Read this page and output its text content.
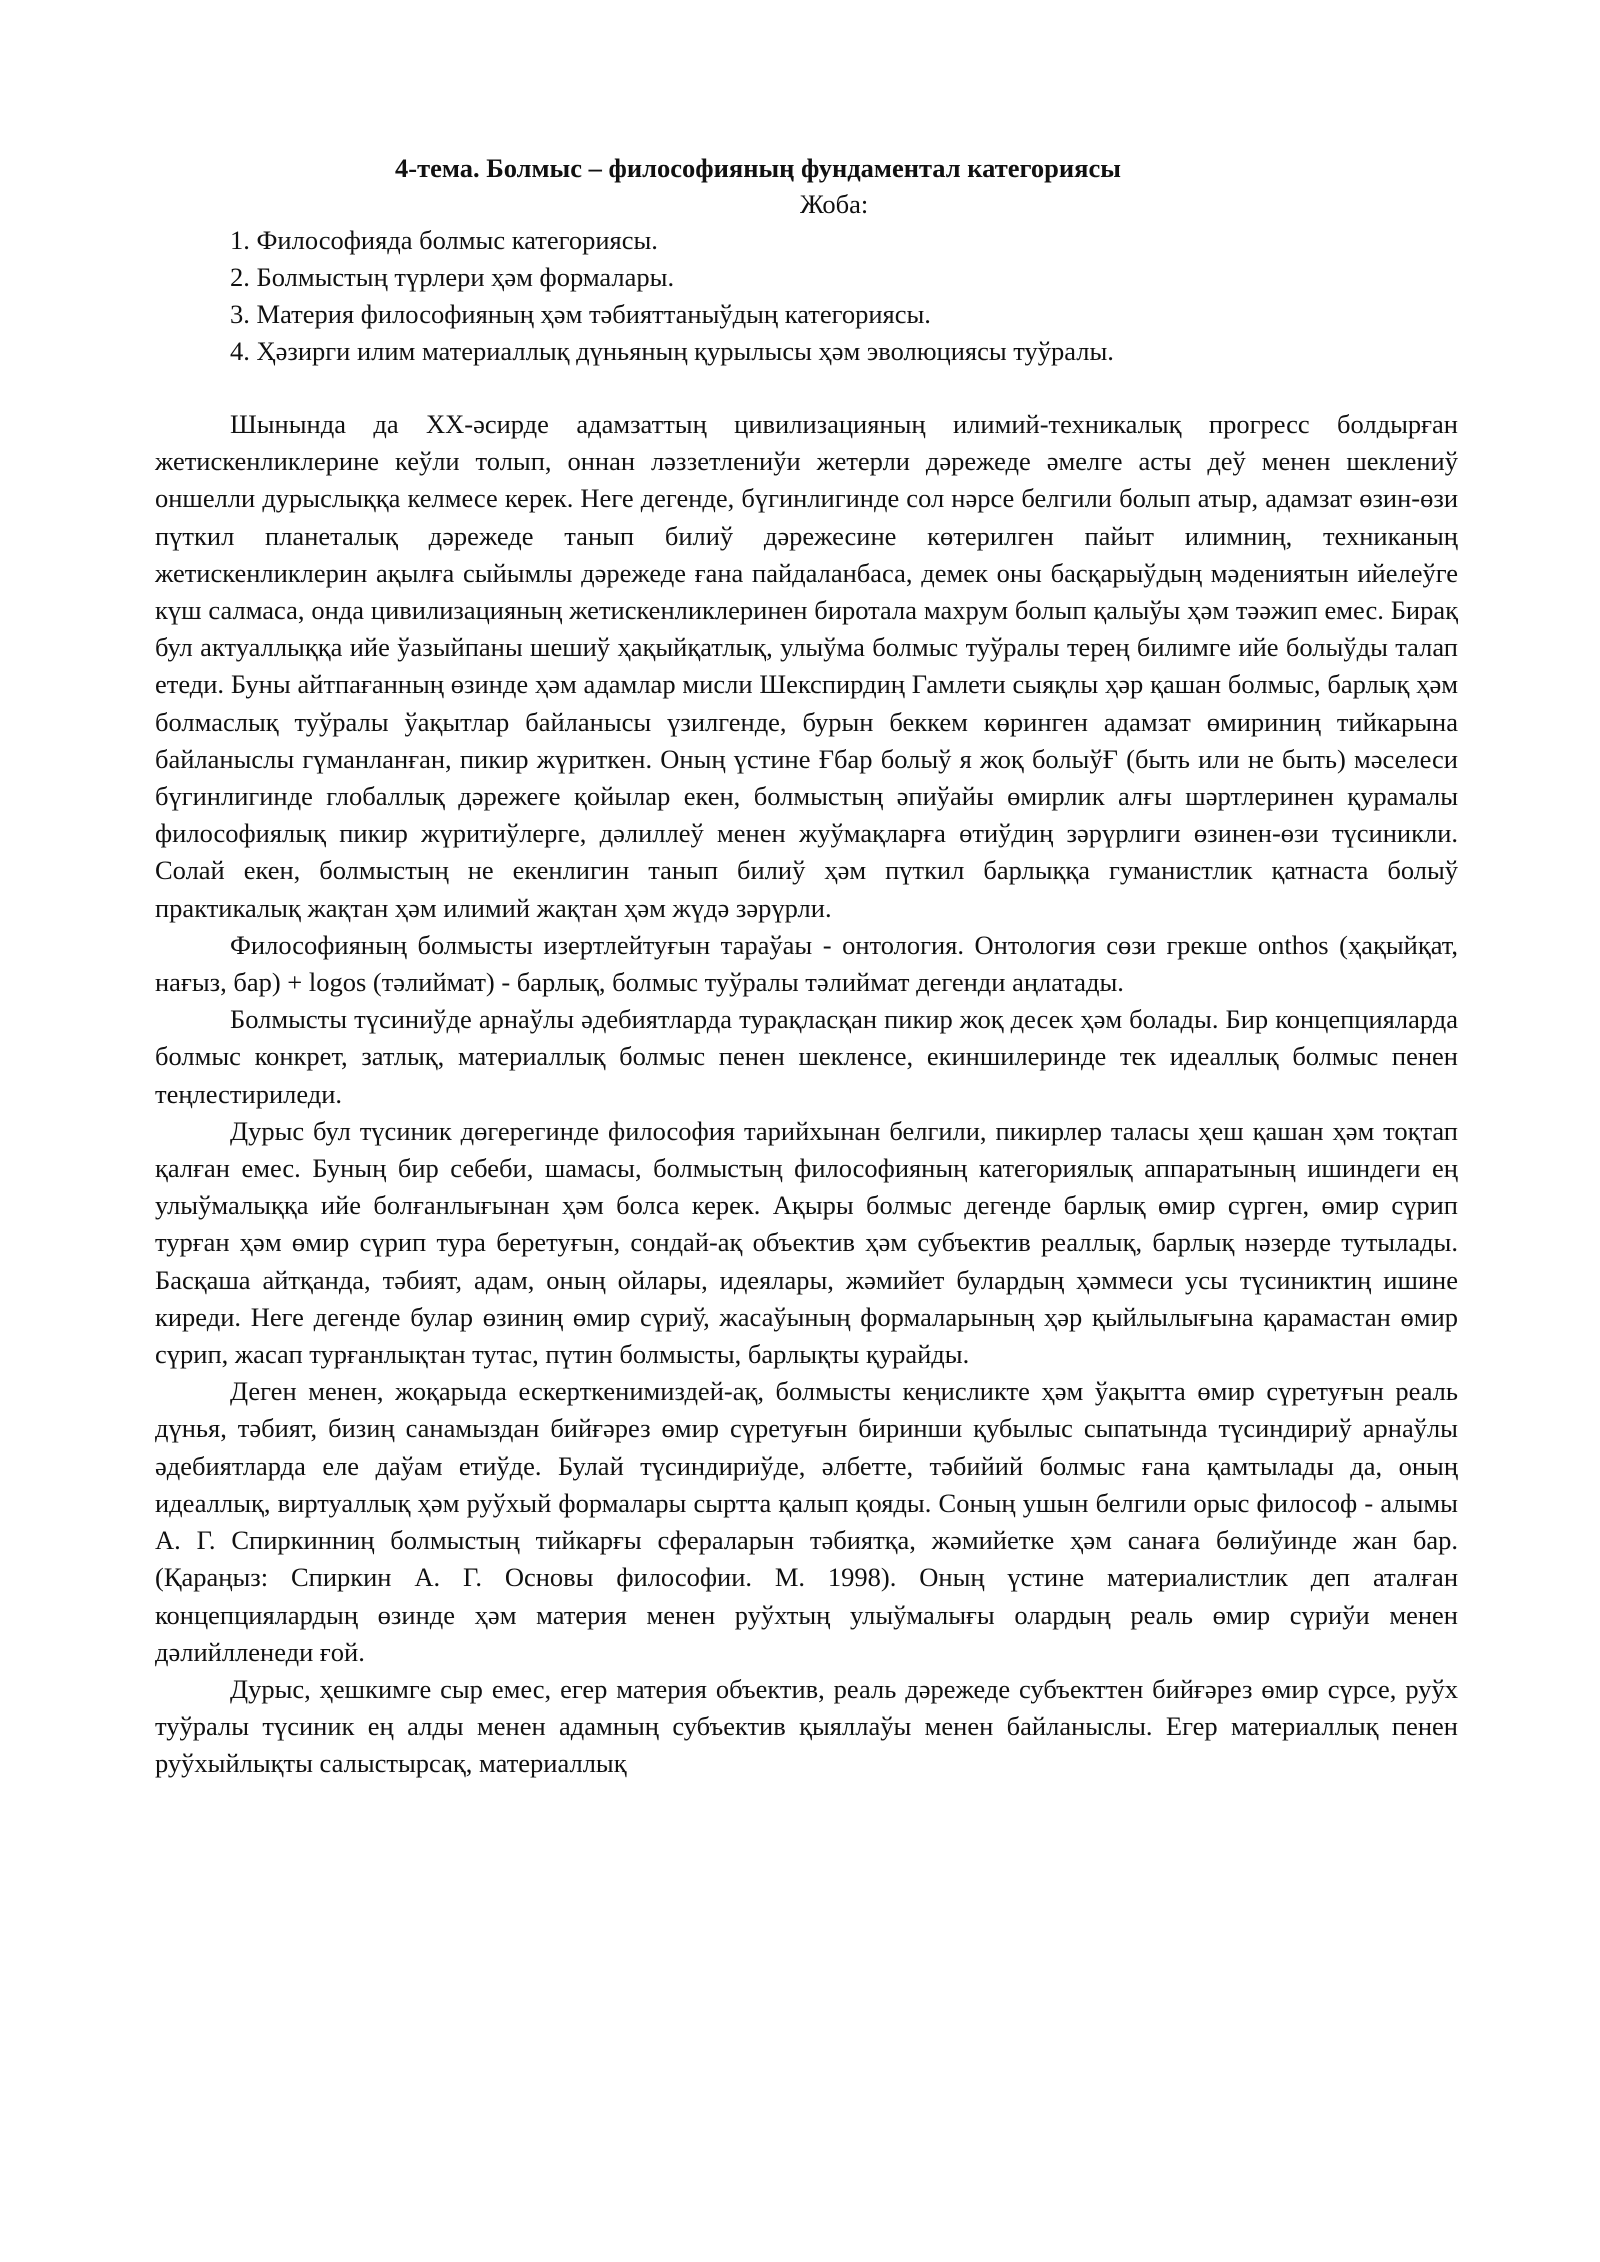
4-тема. Болмыс – философияның фундаментал категориясы

Жоба:

1. Философияда болмыс категориясы.
2. Болмыстың түрлери ҳәм формалары.
3. Материя философияның ҳәм тәбияттаныўдың категориясы.
4. Ҳәзирги илим материаллық дүньяның қурылысы ҳәм эволюциясы туўралы.

Шынында да ХХ-әсирде адамзаттың цивилизацияның илимий-техникалық прогресс болдырған жетискенликлерине кеўли толып, оннан ләззетлениўи жетерли дәрежеде әмелге асты деў менен шеклениў оншелли дурыслыққа келмесе керек. Неге дегенде, бүгинлигинде сол нәрсе белгили болып атыр, адамзат өзин-өзи пүткил планеталық дәрежеде танып билиў дәрежесине көтерилген пайыт илимниң, техниканың жетискенликлерин ақылға сыйымлы дәрежеде ғана пайдаланбаса, демек оны басқарыўдың мәдениятын ийелеўге күш салмаса, онда цивилизацияның жетискенликлеринен биротала махрум болып қалыўы ҳәм тәәжип емес. Бирақ бул актуаллыққа ийе ўазыйпаны шешиў ҳақыйқатлық, улыўма болмыс туўралы терең билимге ийе болыўды талап етеди. Буны айтпағанның өзинде ҳәм адамлар мисли Шекспирдиң Гамлети сыяқлы ҳәр қашан болмыс, барлық ҳәм болмаслық туўралы ўақытлар байланысы үзилгенде, бурын беккем көринген адамзат өмириниң тийкарына байланыслы гүманланған, пикир жүриткен. Оның үстине Ғбар болыў я жоқ болыўҒ (быть или не быть) мәселеси бүгинлигинде глобаллық дәрежеге қойылар екен, болмыстың әпиўайы өмирлик алғы шәртлеринен қурамалы философиялық пикир жүритиўлерге, дәлиллеў менен жуўмақларға өтиўдиң зәрүрлиги өзинен-өзи түсиникли. Солай екен, болмыстың не екенлигин танып билиў ҳәм пүткил барлыққа гуманистлик қатнаста болыў практикалық жақтан ҳәм илимий жақтан ҳәм жүдә зәрүрли.

Философияның болмысты изертлейтуғын тараўаы - онтология. Онтология сөзи грекше onthos (ҳақыйқат, нағыз, бар) + logos (тәлиймат) - барлық, болмыс туўралы тәлиймат дегенди аңлатады.

Болмысты түсиниўде арнаўлы әдебиятларда турақласқан пикир жоқ десек ҳәм болады. Бир концепцияларда болмыс конкрет, затлық, материаллық болмыс пенен шекленсе, екиншилеринде тек идеаллық болмыс пенен теңлестириледи.

Дурыс бул түсиник дөгерегинде философия тарийхынан белгили, пикирлер таласы ҳеш қашан ҳәм тоқтап қалған емес. Буның бир себеби, шамасы, болмыстың философияның категориялық аппаратының ишиндеги ең улыўмалыққа ийе болғанлығынан ҳәм болса керек. Ақыры болмыс дегенде барлық өмир сүрген, өмир сүрип турған ҳәм өмир сүрип тура беретуғын, сондай-ақ объектив ҳәм субъектив реаллық, барлық нәзерде тутылады. Басқаша айтқанда, тәбият, адам, оның ойлары, идеялары, жәмийет булардың ҳәммеси усы түсиниктиң ишине киреди. Неге дегенде булар өзиниң өмир сүриў, жасаўының формаларының ҳәр қыйлылығына қарамастан өмир сүрип, жасап турғанлықтан тутас, пүтин болмысты, барлықты қурайды.

Деген менен, жоқарыда ескерткенимиздей-ақ, болмысты кеңисликте ҳәм ўақытта өмир сүретуғын реаль дүнья, тәбият, бизиң санамыздан бийғәрез өмир сүретуғын биринши қубылыс сыпатында түсиндириў арнаўлы әдебиятларда еле даўам етиўде. Булай түсиндириўде, әлбетте, тәбийий болмыс ғана қамтылады да, оның идеаллық, виртуаллық ҳәм руўхый формалары сыртта қалып қояды. Соның ушын белгили орыс философ - алымы А. Г. Спиркинниң болмыстың тийкарғы сфераларын тәбиятқа, жәмийетке ҳәм санаға бөлиўинде жан бар. (Қараңыз: Спиркин А. Г. Основы философии. М. 1998). Оның үстине материалистлик деп аталған концепциялардың өзинде ҳәм материя менен руўхтың улыўмалығы олардың реаль өмир сүриўи менен дәлийлленеди ғой.

Дурыс, ҳешкимге сыр емес, егер материя объектив, реаль дәрежеде субъекттен бийғәрез өмир сүрсе, руўх туўралы түсиник ең алды менен адамның субъектив қыяллаўы менен байланыслы. Егер материаллық пенен руўхыйлықты салыстырсақ, материаллық
